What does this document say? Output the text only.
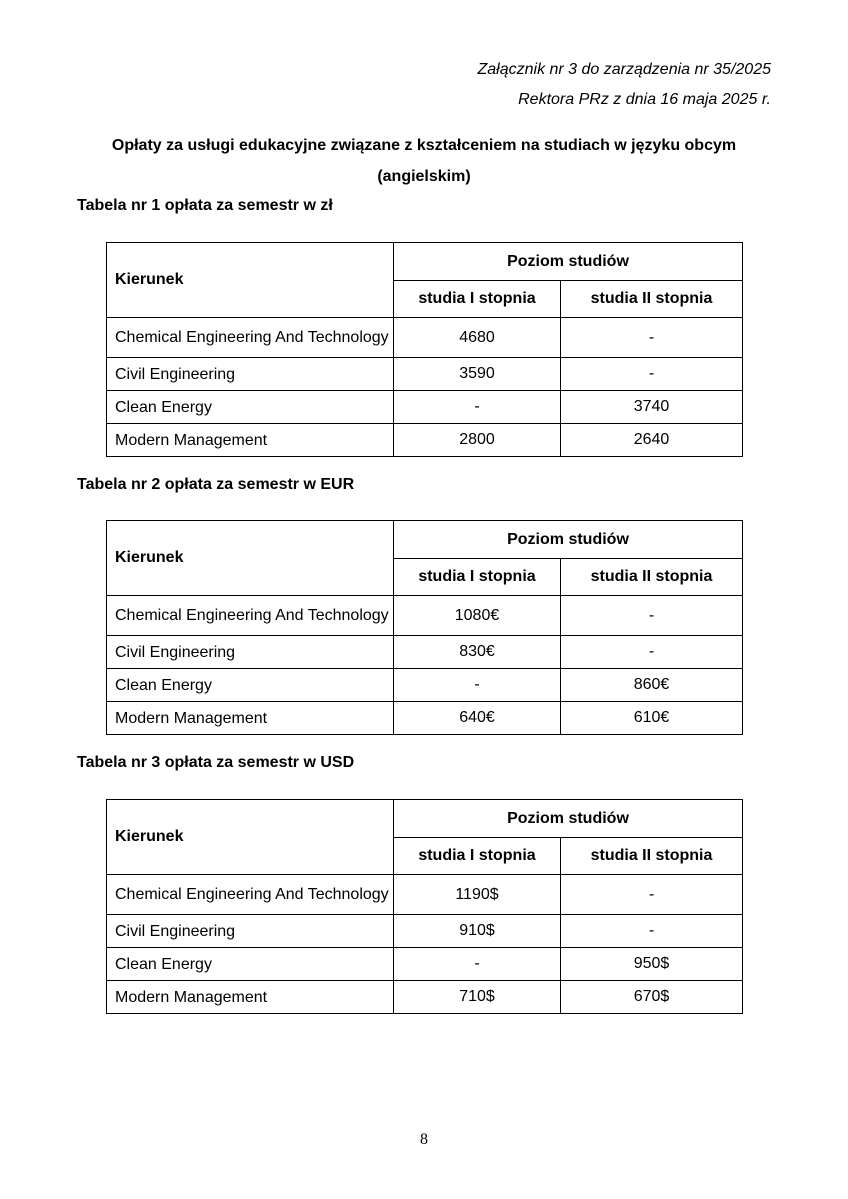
Załącznik nr 3 do zarządzenia nr 35/2025
Rektora PRz z dnia 16 maja 2025 r.
Opłaty za usługi edukacyjne związane z kształceniem na studiach w języku obcym
(angielskim)
Tabela nr 1 opłata za semestr w zł
Kierunek	Poziom studiów	
	studia I stopnia	studia II stopnia
Chemical Engineering And Technology	4680	-
Civil Engineering	3590	-
Clean Energy	-	3740
Modern Management	2800	2640
Tabela nr 2 opłata za semestr w EUR
Kierunek	Poziom studiów	
	studia I stopnia	studia II stopnia
Chemical Engineering And Technology	1080€	-
Civil Engineering	830€	-
Clean Energy	-	860€
Modern Management	640€	610€
Tabela nr 3 opłata za semestr w USD
Kierunek	Poziom studiów	
	studia I stopnia	studia II stopnia
Chemical Engineering And Technology	1190$	-
Civil Engineering	910$	-
Clean Energy	-	950$
Modern Management	710$	670$
8
